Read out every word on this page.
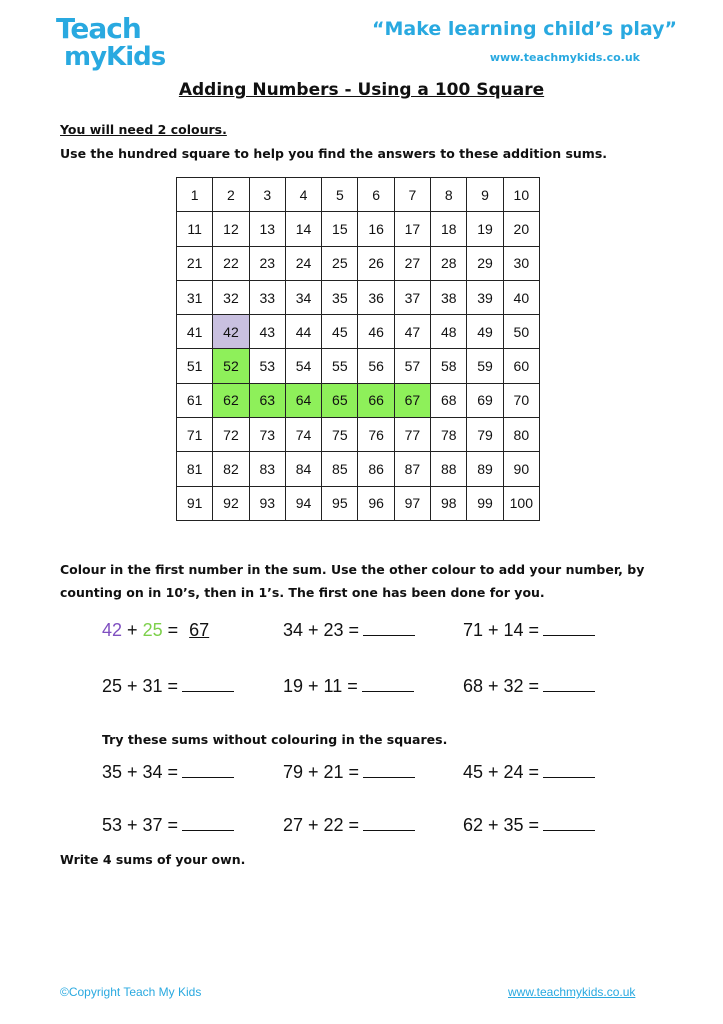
Teach
myKids
“Make learning child’s play”
www.teachmykids.co.uk
Adding Numbers - Using a 100 Square
You will need 2 colours.
Use the hundred square to help you find the answers to these addition sums.
1	2	3	4	5	6	7	8	9	10
11	12	13	14	15	16	17	18	19	20
21	22	23	24	25	26	27	28	29	30
31	32	33	34	35	36	37	38	39	40
41	42	43	44	45	46	47	48	49	50
51	52	53	54	55	56	57	58	59	60
61	62	63	64	65	66	67	68	69	70
71	72	73	74	75	76	77	78	79	80
81	82	83	84	85	86	87	88	89	90
91	92	93	94	95	96	97	98	99	100
Colour in the first number in the sum. Use the other colour to add your number, by counting on in 10’s, then in 1’s. The first one has been done for you.
42 + 25 = 67	34 + 23 =	71 + 14 =
25 + 31 =	19 + 11 =	68 + 32 =
Try these sums without colouring in the squares.
35 + 34 =	79 + 21 =	45 + 24 =
53 + 37 =	27 + 22 =	62 + 35 =
Write 4 sums of your own.
©Copyright Teach My Kids	www.teachmykids.co.uk
